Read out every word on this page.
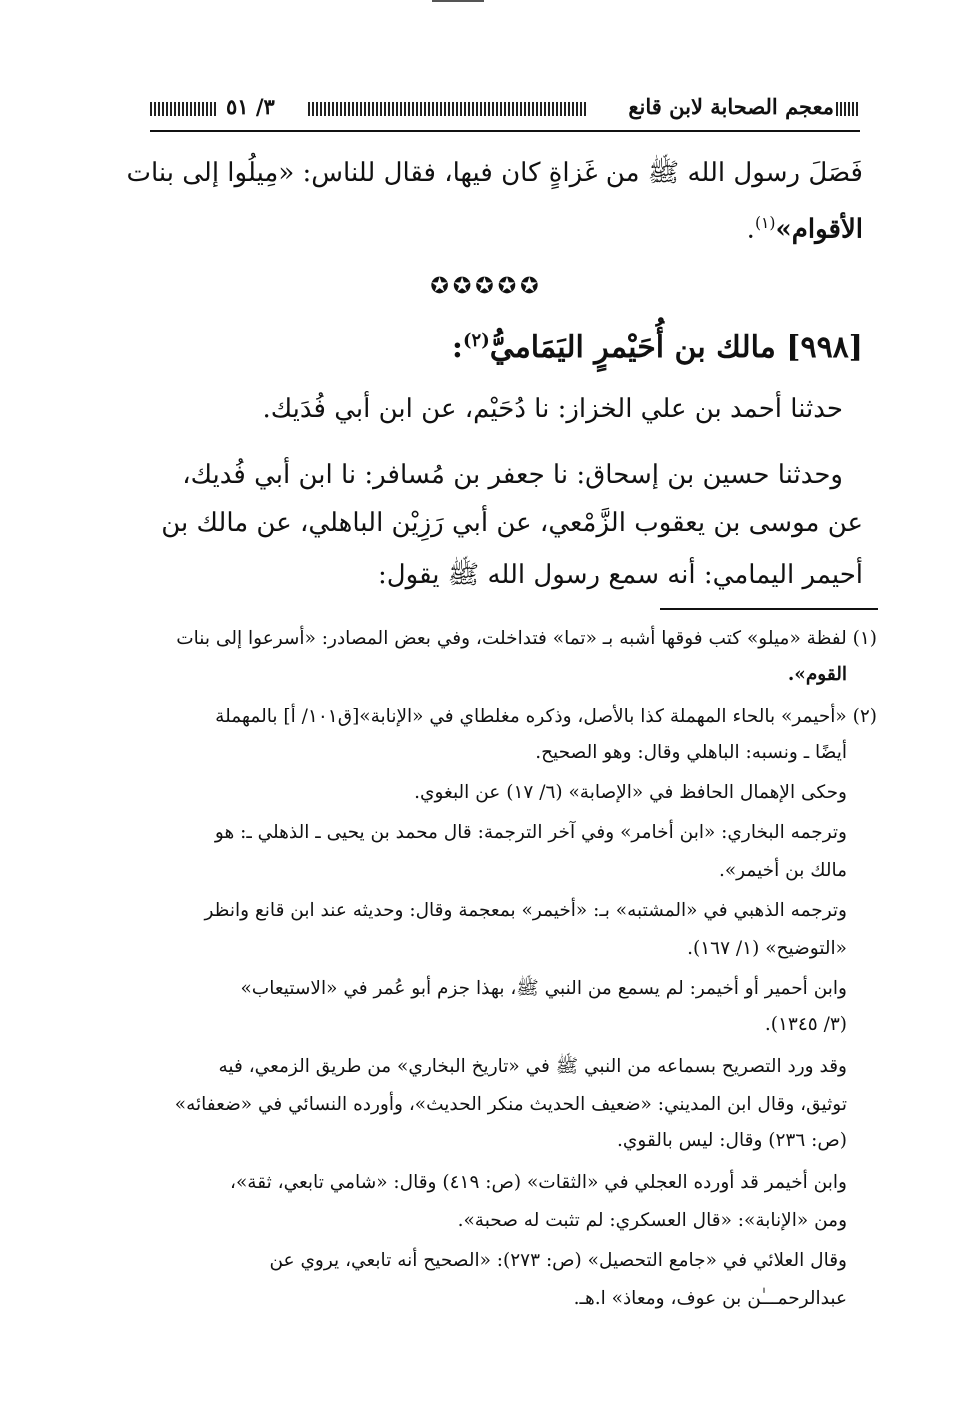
معجم الصحابة لابن قانع
٣/ ٥١

فَصَلَ رسول الله ﷺ من غَزاةٍ كان فيها، فقال للناس: «مِيلُوا إلى بنات

الأقوام»$^{(١)}$.

✪✪✪✪✪
[٩٩٨] مالك بن أُحَيْمرٍ اليَمَاميُّ$^{(٢)}$:

حدثنا أحمد بن علي الخزاز: نا دُحَيْم، عن ابن أبي فُدَيك.

وحدثنا حسين بن إسحاق: نا جعفر بن مُسافر: نا ابن أبي فُديك،

عن موسى بن يعقوب الزَّمْعي، عن أبي رَزِيْن الباهلي، عن مالك بن

أحيمر اليمامي: أنه سمع رسول الله ﷺ يقول:

(١) لفظة «ميلو» كتب فوقها أشبه بـ «تما» فتداخلت، وفي بعض المصادر: «أسرعوا إلى بنات
القوم».
(٢) «أحيمر» بالحاء المهملة كذا بالأصل، وذكره مغلطاي في «الإنابة»[ق١٠١/ أ] بالمهملة
أيضًا ـ ونسبه: الباهلي وقال: وهو الصحيح.
وحكى الإهمال الحافظ في «الإصابة» (٦/ ١٧) عن البغوي.
وترجمه البخاري: «ابن أخامر» وفي آخر الترجمة: قال محمد بن يحيى ـ الذهلي ـ: هو
مالك بن أخيمر».
وترجمه الذهبي في «المشتبه» بـ: «أخيمر» بمعجمة وقال: وحديثه عند ابن قانع وانظر
«التوضيح» (١/ ١٦٧).
وابن أحمير أو أخيمر: لم يسمع من النبي ﷺ، بهذا جزم أبو عُمر في «الاستيعاب»
(٣/ ١٣٤٥).
وقد ورد التصريح بسماعه من النبي ﷺ في «تاريخ البخاري» من طريق الزمعي، فيه
توثيق، وقال ابن المديني: «ضعيف الحديث منكر الحديث»، وأورده النسائي في «ضعفائه»
(ص: ٢٣٦) وقال: ليس بالقوي.
وابن أخيمر قد أورده العجلي في «الثقات» (ص: ٤١٩) وقال: «شامي تابعي، ثقة»،
ومن «الإنابة»: «قال العسكري: لم تثبت له صحبة».
وقال العلائي في «جامع التحصيل» (ص: ٢٧٣): «الصحيح أنه تابعي، يروي عن
عبدالرحمـــٰن بن عوف، ومعاذ» ا.هـ.
